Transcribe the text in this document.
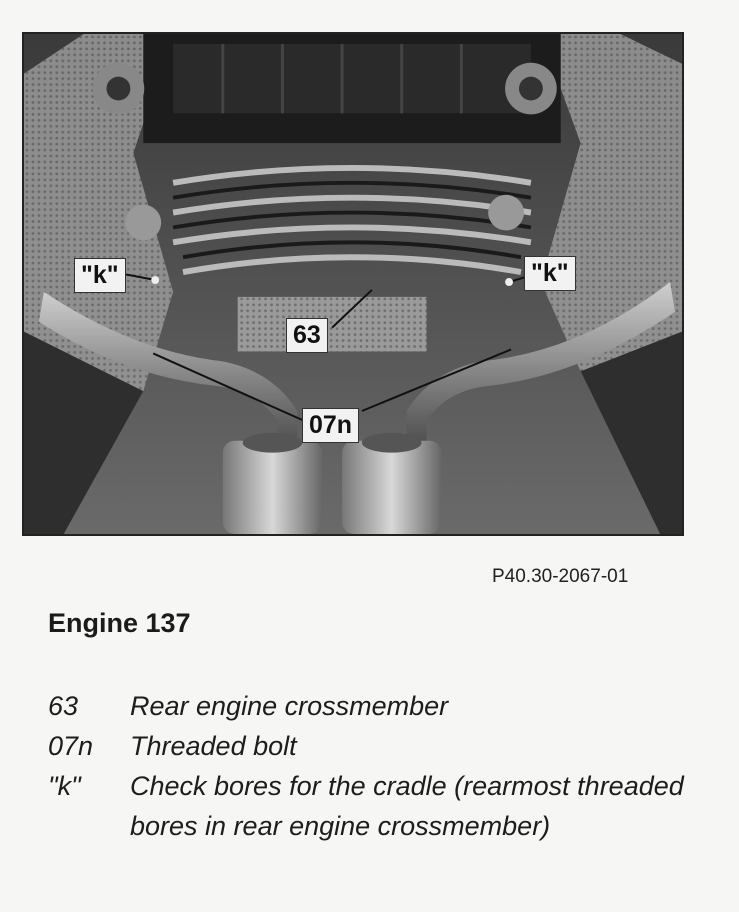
"k"	"k"
63
07n
P40.30-2067-01
Engine 137
63	Rear engine crossmember
07n	Threaded bolt
"k"	Check bores for the cradle (rearmost threaded bores in rear engine crossmember)
